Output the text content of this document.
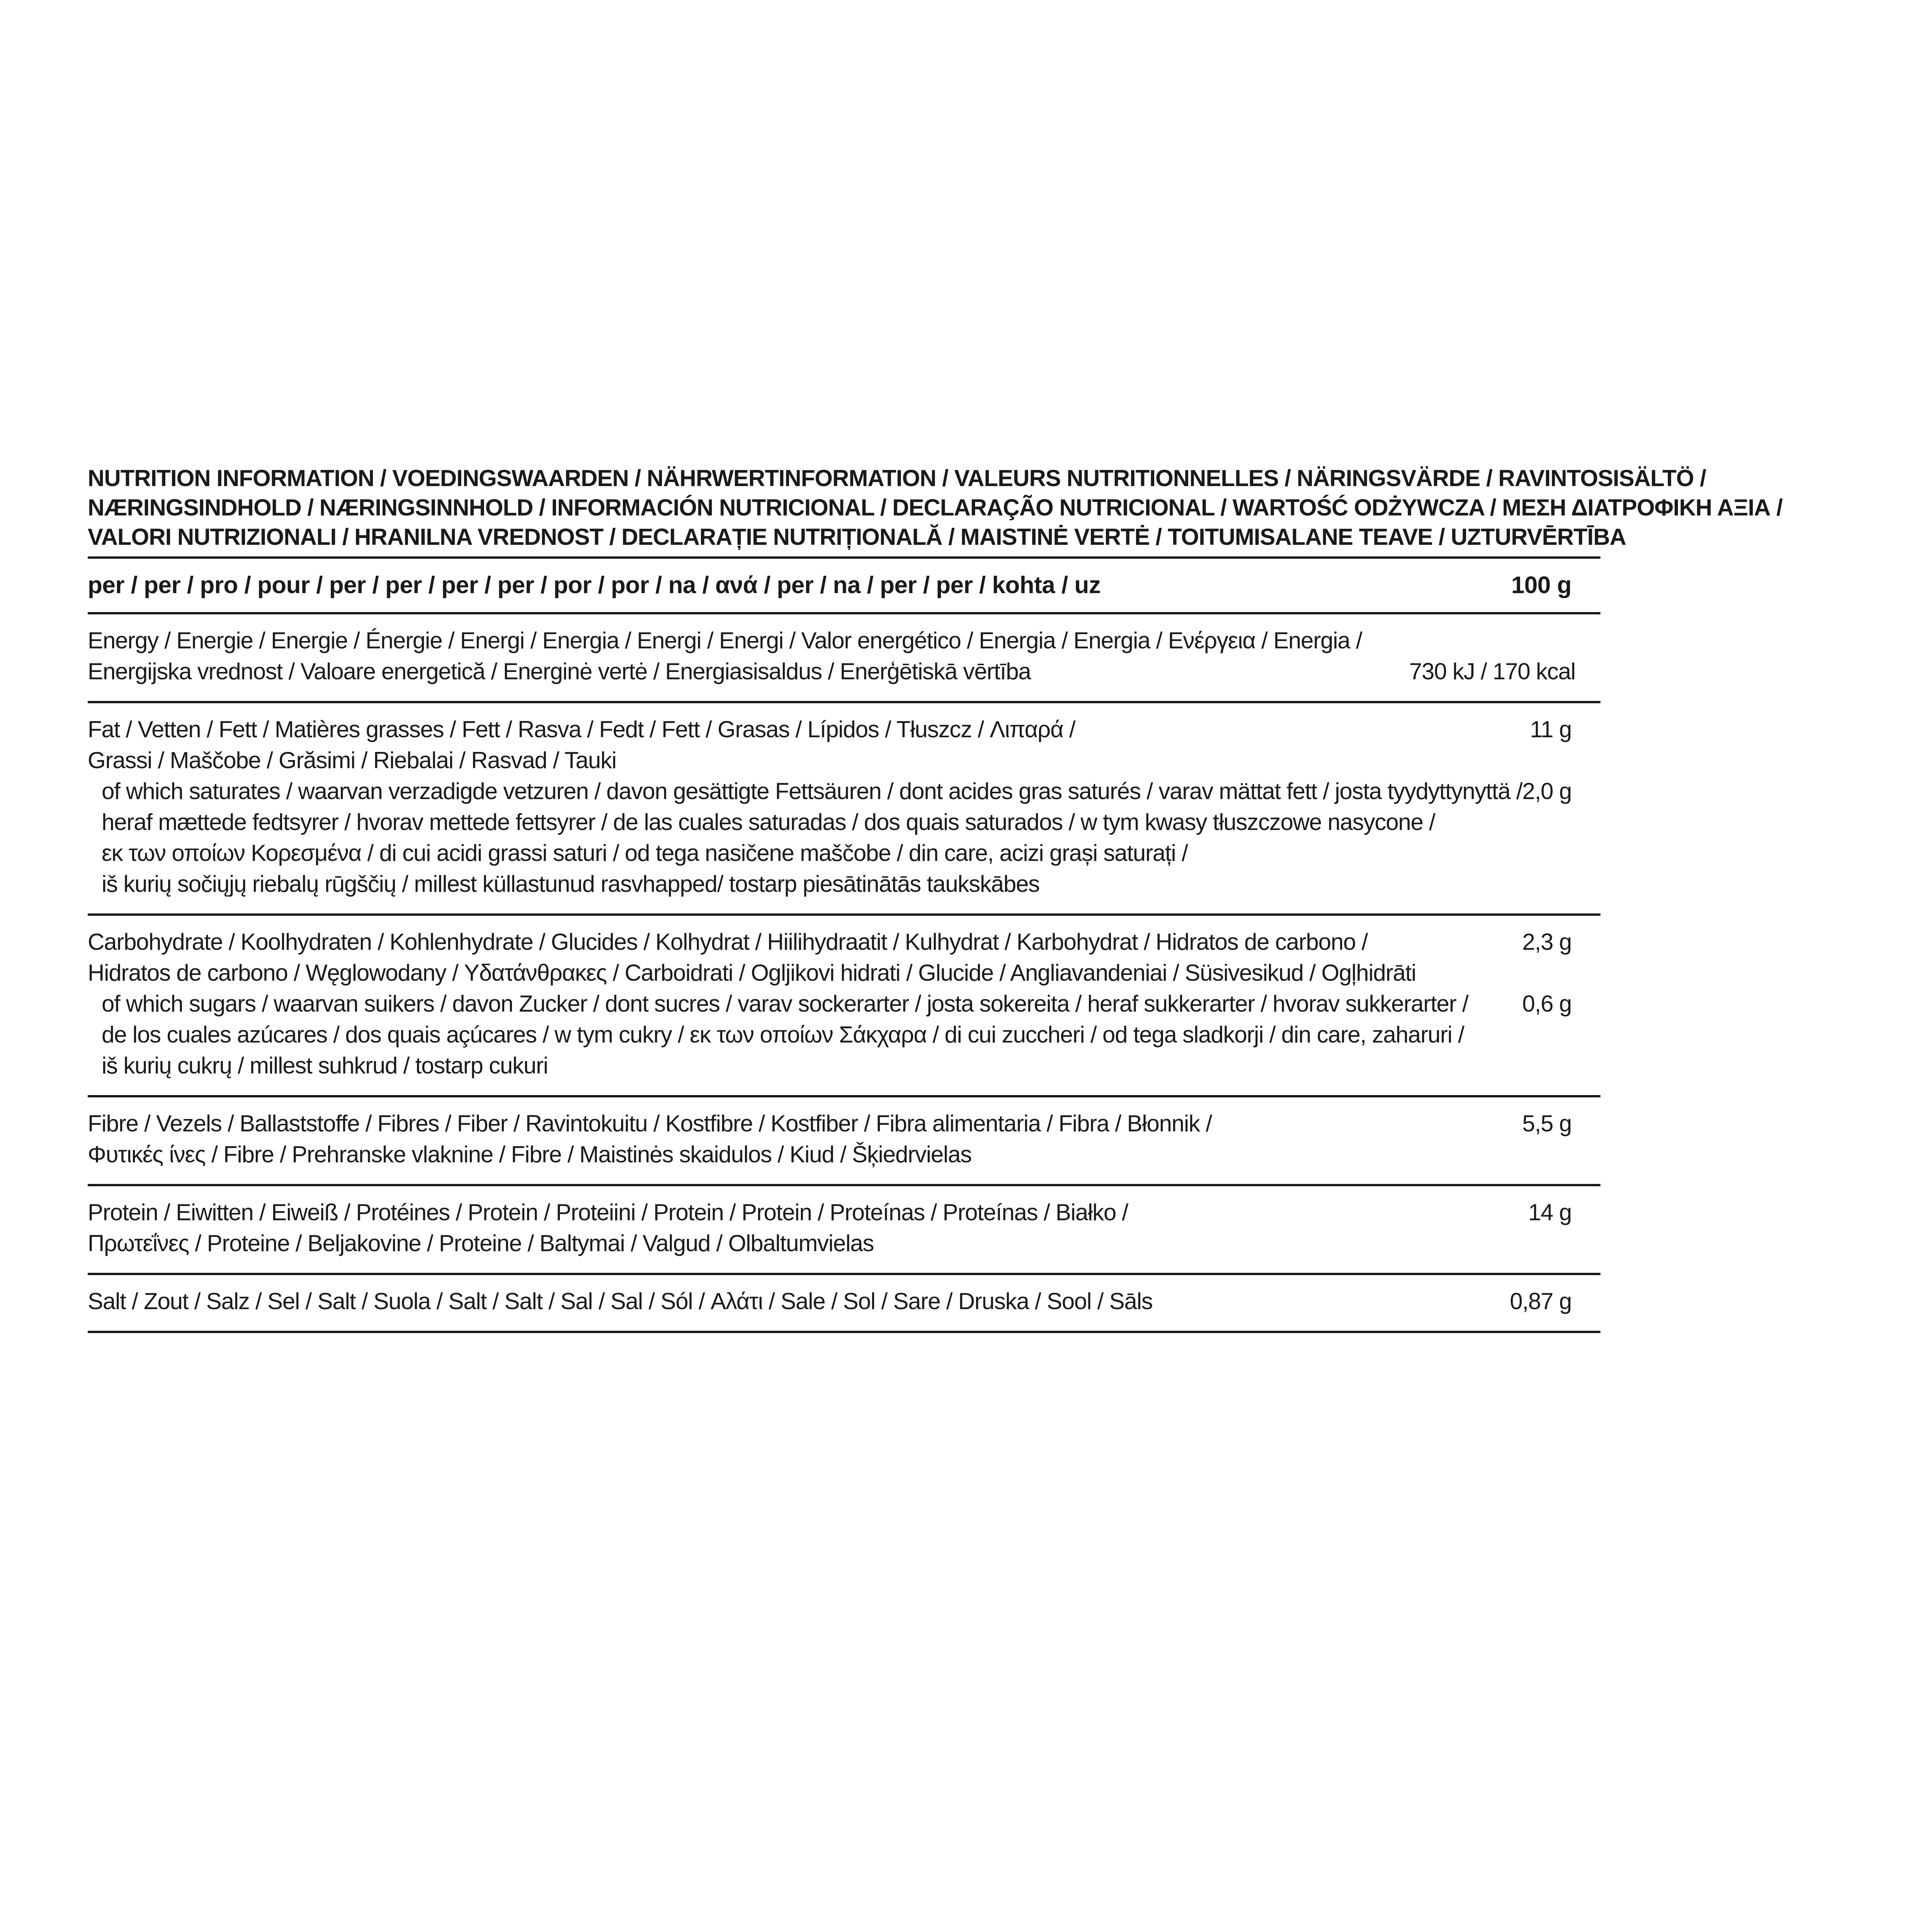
NUTRITION INFORMATION / VOEDINGSWAARDEN / NÄHRWERTINFORMATION / VALEURS NUTRITIONNELLES / NÄRINGSVÄRDE / RAVINTOSISÄLTÖ /
NÆRINGSINDHOLD / NÆRINGSINNHOLD / INFORMACIÓN NUTRICIONAL / DECLARAÇÃO NUTRICIONAL / WARTOŚĆ ODŻYWCZA / ΜΕΣΗ ΔΙΑΤΡΟΦΙΚΗ ΑΞΙΑ /
VALORI NUTRIZIONALI / HRANILNA VREDNOST / DECLARAȚIE NUTRIȚIONALĂ / MAISTINĖ VERTĖ / TOITUMISALANE TEAVE / UZTURVĒRTĪBA
per / per / pro / pour / per / per / per / per / por / por / na / ανά / per / na / per / per / kohta / uz	100 g
Energy / Energie / Energie / Énergie / Energi / Energia / Energi / Energi / Valor energético / Energia / Energia / Ενέργεια / Energia /
Energijska vrednost / Valoare energetică / Energinė vertė / Energiasisaldus / Enerģētiskā vērtība	730 kJ / 170 kcal
Fat / Vetten / Fett / Matières grasses / Fett / Rasva / Fedt / Fett / Grasas / Lípidos / Tłuszcz / Λιπαρά /	11 g
Grassi / Maščobe / Grăsimi / Riebalai / Rasvad / Tauki
of which saturates / waarvan verzadigde vetzuren / davon gesättigte Fettsäuren / dont acides gras saturés / varav mättat fett / josta tyydyttynyttä / 2,0 g
heraf mættede fedtsyrer / hvorav mettede fettsyrer / de las cuales saturadas / dos quais saturados / w tym kwasy tłuszczowe nasycone /
εκ των οποίων Κορεσμένα / di cui acidi grassi saturi / od tega nasičene maščobe / din care, acizi grași saturați /
iš kurių sočiųjų riebalų rūgščių / millest küllastunud rasvhapped/ tostarp piesātinātās taukskābes
Carbohydrate / Koolhydraten / Kohlenhydrate / Glucides / Kolhydrat / Hiilihydraatit / Kulhydrat / Karbohydrat / Hidratos de carbono /	2,3 g
Hidratos de carbono / Węglowodany / Υδατάνθρακες / Carboidrati / Ogljikovi hidrati / Glucide / Angliavandeniai / Süsivesikud / Ogļhidrāti
of which sugars / waarvan suikers / davon Zucker / dont sucres / varav sockerarter / josta sokereita / heraf sukkerarter / hvorav sukkerarter /	0,6 g
de los cuales azúcares / dos quais açúcares / w tym cukry / εκ των οποίων Σάκχαρα / di cui zuccheri / od tega sladkorji / din care, zaharuri /
iš kurių cukrų / millest suhkrud / tostarp cukuri
Fibre / Vezels / Ballaststoffe / Fibres / Fiber / Ravintokuitu / Kostfibre / Kostfiber / Fibra alimentaria / Fibra / Błonnik /	5,5 g
Φυτικές ίνες / Fibre / Prehranske vlaknine / Fibre / Maistinės skaidulos / Kiud / Šķiedrvielas
Protein / Eiwitten / Eiweiß / Protéines / Protein / Proteiini / Protein / Protein / Proteínas / Proteínas / Białko /	14 g
Πρωτεΐνες / Proteine / Beljakovine / Proteine / Baltymai / Valgud / Olbaltumvielas
Salt / Zout / Salz / Sel / Salt / Suola / Salt / Salt / Sal / Sal / Sól / Αλάτι / Sale / Sol / Sare / Druska / Sool / Sāls	0,87 g
